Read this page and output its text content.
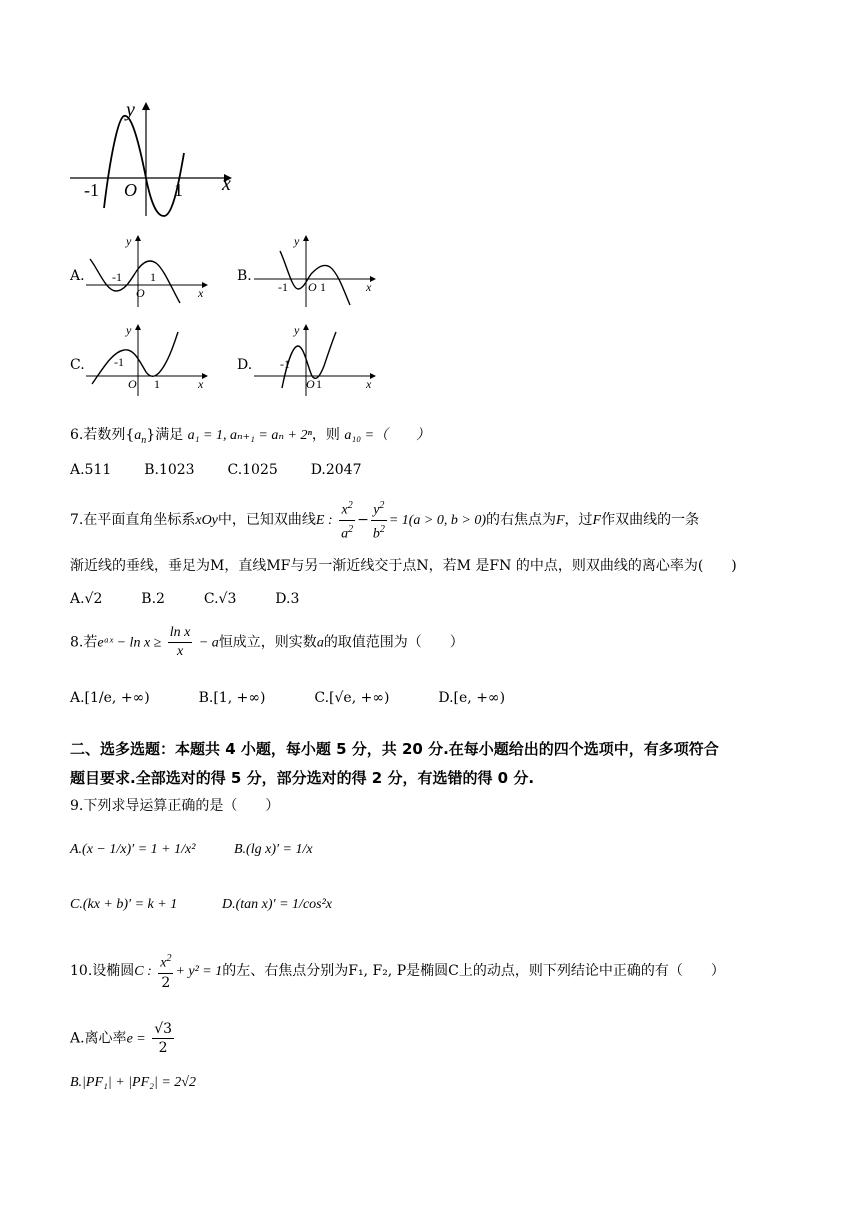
y
x
O
-1	1
A.
y
x
O
-1 1	B.
y
x
O
-1	1
C.
y
x
O
-1
1
D.
y
x
O
-1
1
6.若数列$\{a_n\}$满足 a₁ = 1, aₙ₊₁ = aₙ + 2ⁿ，则 a₁₀ =（　　）
A.511 B.1023 C.1025 D.2047
7.在平面直角坐标系xOy中，已知双曲线E : $\frac{x^2}{a^2} - \frac{y^2}{b^2} = 1(a > 0$, b > 0)的右焦点为F，过F作双曲线的一条
渐近线的垂线，垂足为M，直线MF与另一渐近线交于点N，若M 是FN 的中点，则双曲线的离心率为(　　)
A.√2	B.2	C.√3	D.3
8.若eᵃˣ − $\ln x \ge \frac{\text{ln x}}{x} - a$恒成立，则实数a的取值范围为（　　）
A.[1/e, +∞)	B.[1, +∞)	C.[√e, +∞)	D.[e, +∞)
二、选多选题：本题共 4 小题，每小题 5 分，共 20 分.在每小题给出的四个选项中，有多项符合
题目要求.全部选对的得 5 分，部分选对的得 2 分，有选错的得 0 分.
9.下列求导运算正确的是（　　）
A.(x − 1/x)′ = 1 + 1/x²	B.(lg x)′ = 1/x
C.(kx + b)′ = k + 1	D.(tan x)′ = 1/cos²x
10.设椭圆C : $\frac{x^2}{2} + y^2 = 1$的左、右焦点分别为F₁, F₂, P是椭圆C上的动点，则下列结论中正确的有（　　）
A.离心率$e = \frac{√3}{2}$
B.|PF₁| + |PF₂| = 2√2
